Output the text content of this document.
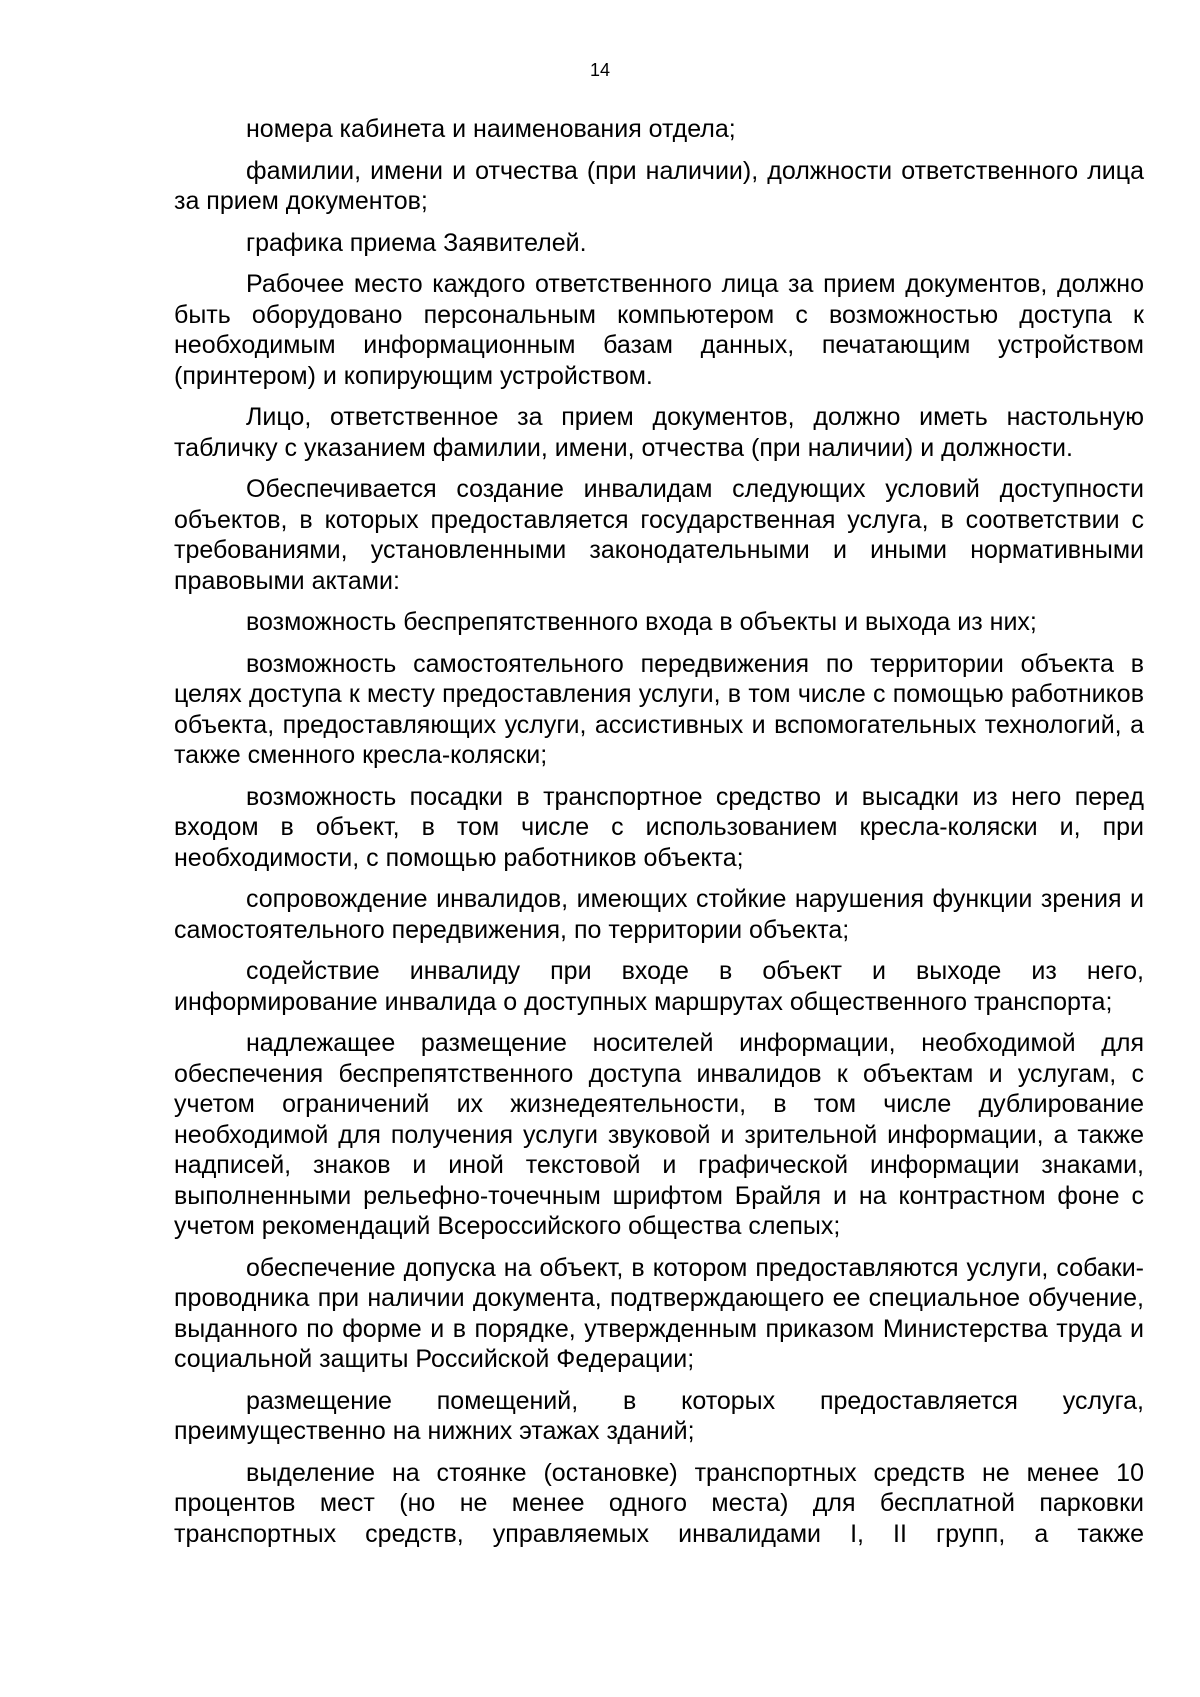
14

номера кабинета и наименования отдела;

фамилии, имени и отчества (при наличии), должности ответственного лица за прием документов;

графика приема Заявителей.

Рабочее место каждого ответственного лица за прием документов, должно быть оборудовано персональным компьютером с возможностью доступа к необходимым информационным базам данных, печатающим устройством (принтером) и копирующим устройством.

Лицо, ответственное за прием документов, должно иметь настольную табличку с указанием фамилии, имени, отчества (при наличии) и должности.

Обеспечивается создание инвалидам следующих условий доступности объектов, в которых предоставляется государственная услуга, в соответствии с требованиями, установленными законодательными и иными нормативными правовыми актами:

возможность беспрепятственного входа в объекты и выхода из них;

возможность самостоятельного передвижения по территории объекта в целях доступа к месту предоставления услуги, в том числе с помощью работников объекта, предоставляющих услуги, ассистивных и вспомогательных технологий, а также сменного кресла-коляски;

возможность посадки в транспортное средство и высадки из него перед входом в объект, в том числе с использованием кресла-коляски и, при необходимости, с помощью работников объекта;

сопровождение инвалидов, имеющих стойкие нарушения функции зрения и самостоятельного передвижения, по территории объекта;

содействие инвалиду при входе в объект и выходе из него, информирование инвалида о доступных маршрутах общественного транспорта;

надлежащее размещение носителей информации, необходимой для обеспечения беспрепятственного доступа инвалидов к объектам и услугам, с учетом ограничений их жизнедеятельности, в том числе дублирование необходимой для получения услуги звуковой и зрительной информации, а также надписей, знаков и иной текстовой и графической информации знаками, выполненными рельефно-точечным шрифтом Брайля и на контрастном фоне с учетом рекомендаций Всероссийского общества слепых;

обеспечение допуска на объект, в котором предоставляются услуги, собаки-проводника при наличии документа, подтверждающего ее специальное обучение, выданного по форме и в порядке, утвержденным приказом Министерства труда и социальной защиты Российской Федерации;

размещение помещений, в которых предоставляется услуга, преимущественно на нижних этажах зданий;

выделение на стоянке (остановке) транспортных средств не менее 10 процентов мест (но не менее одного места) для бесплатной парковки транспортных средств, управляемых инвалидами I, II групп, а также
